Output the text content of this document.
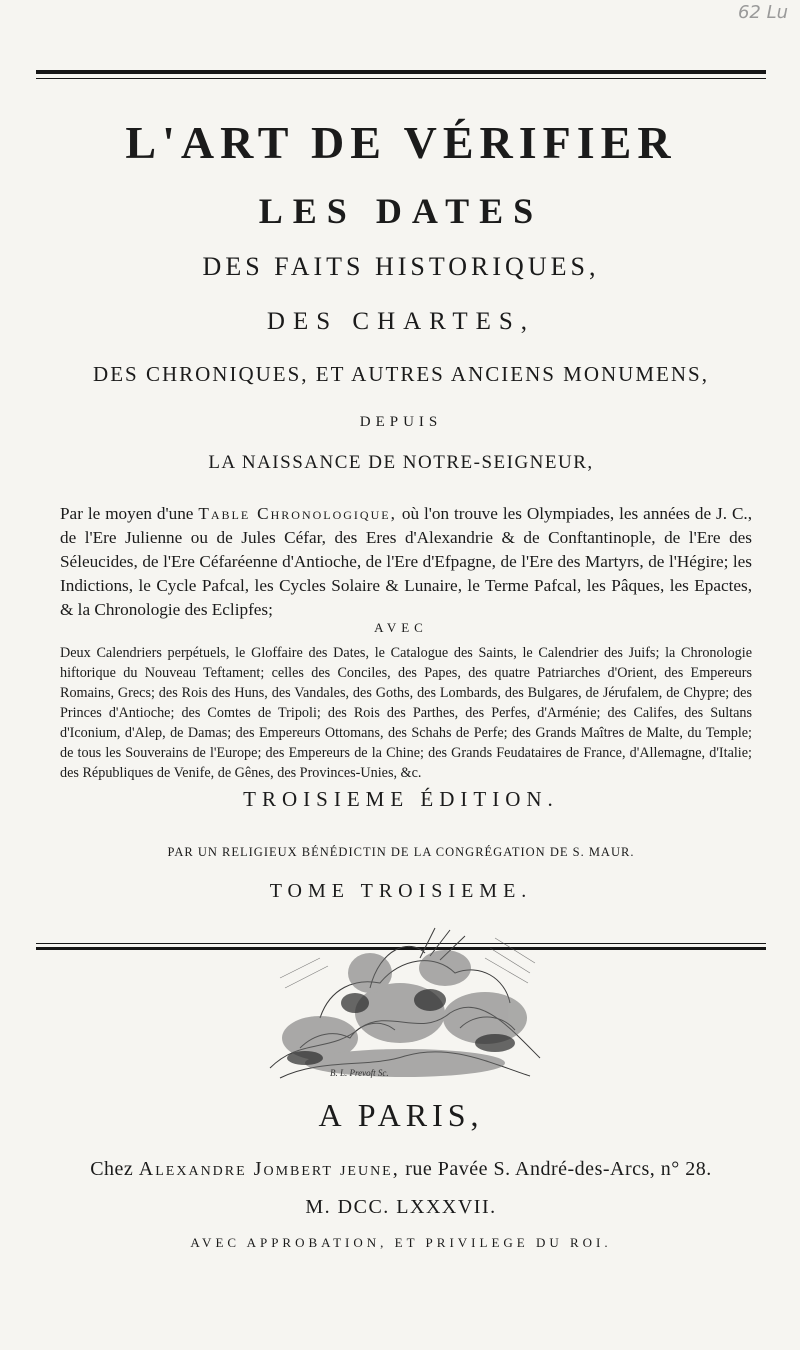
62 Lu
L'ART DE VÉRIFIER
LES DATES
DES FAITS HISTORIQUES,
DES CHARTES,
DES CHRONIQUES, ET AUTRES ANCIENS MONUMENS,
DEPUIS
LA NAISSANCE DE NOTRE-SEIGNEUR,
Par le moyen d'une Table Chronologique, où l'on trouve les Olympiades, les années de J. C., de l'Ere Julienne ou de Jules Céfar, des Eres d'Alexandrie & de Conftantinople, de l'Ere des Séleucides, de l'Ere Céfaréenne d'Antioche, de l'Ere d'Efpagne, de l'Ere des Martyrs, de l'Hégire; les Indictions, le Cycle Pafcal, les Cycles Solaire & Lunaire, le Terme Pafcal, les Pâques, les Epactes, & la Chronologie des Eclipfes;
AVEC
Deux Calendriers perpétuels, le Gloffaire des Dates, le Catalogue des Saints, le Calendrier des Juifs; la Chronologie hiftorique du Nouveau Teftament; celles des Conciles, des Papes, des quatre Patriarches d'Orient, des Empereurs Romains, Grecs; des Rois des Huns, des Vandales, des Goths, des Lombards, des Bulgares, de Jérufalem, de Chypre; des Princes d'Antioche; des Comtes de Tripoli; des Rois des Parthes, des Perfes, d'Arménie; des Califes, des Sultans d'Iconium, d'Alep, de Damas; des Empereurs Ottomans, des Schahs de Perfe; des Grands Maîtres de Malte, du Temple; de tous les Souverains de l'Europe; des Empereurs de la Chine; des Grands Feudataires de France, d'Allemagne, d'Italie; des Républiques de Venife, de Gênes, des Provinces-Unies, &c.
TROISIEME ÉDITION.
PAR UN RELIGIEUX BÉNÉDICTIN DE LA CONGRÉGATION DE S. MAUR.
TOME TROISIEME.
B. L. Prevoft Sc.
A PARIS,
Chez Alexandre Jombert jeune, rue Pavée S. André-des-Arcs, n° 28.
M. DCC. LXXXVII.
AVEC APPROBATION, ET PRIVILEGE DU ROI.
